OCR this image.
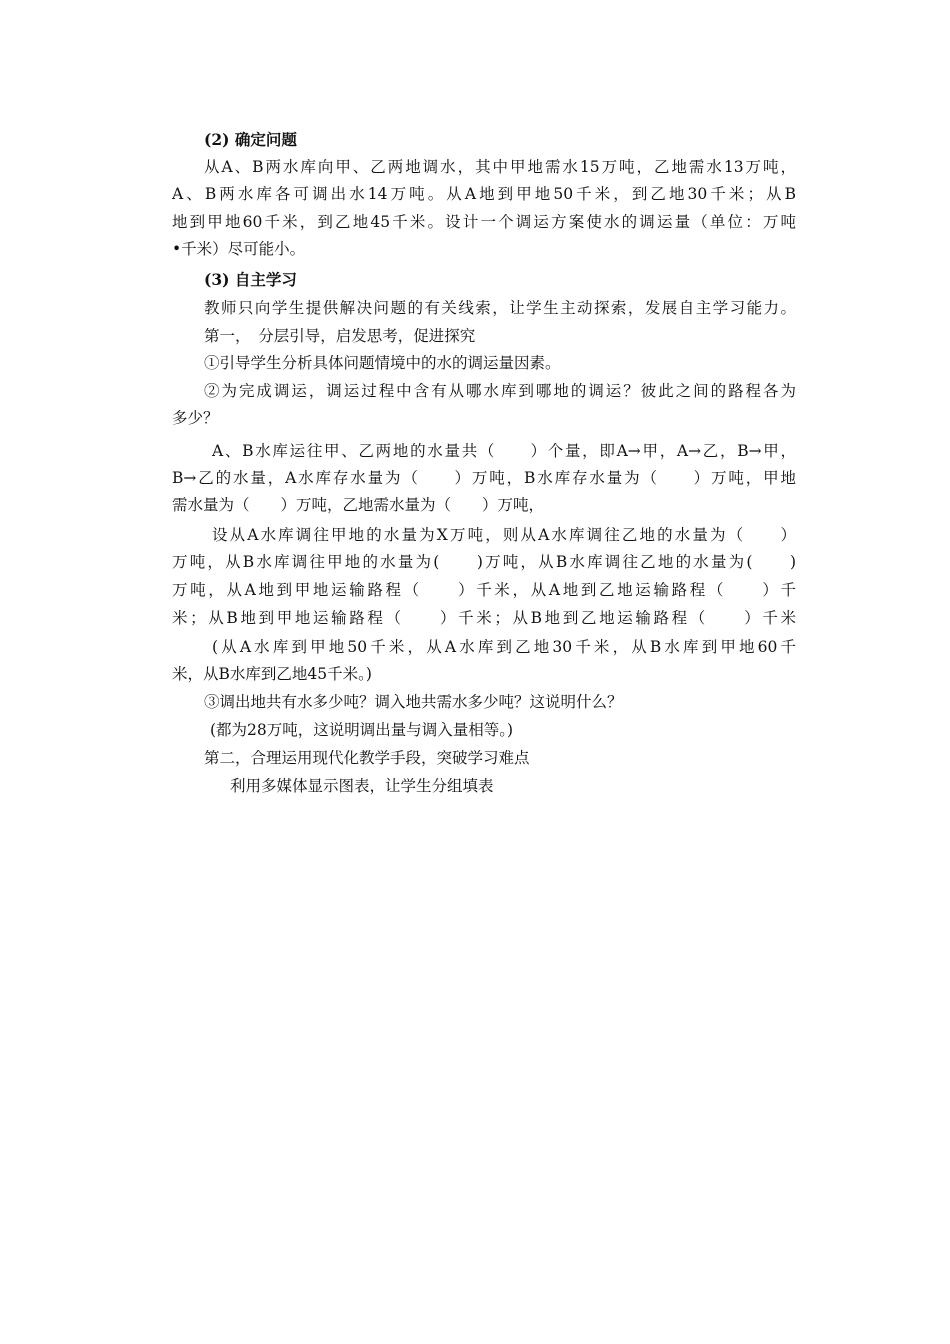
(2) 确定问题
从A、B两水库向甲、乙两地调水，其中甲地需水15万吨，乙地需水13万吨，
A、B两水库各可调出水14万吨。从A地到甲地50千米，到乙地30千米；从B
地到甲地60千米，到乙地45千米。设计一个调运方案使水的调运量（单位：万吨
•千米）尽可能小。
(3) 自主学习
教师只向学生提供解决问题的有关线索，让学生主动探索，发展自主学习能力。
第一，　分层引导，启发思考，促进探究
①引导学生分析具体问题情境中的水的调运量因素。
②为完成调运，调运过程中含有从哪水库到哪地的调运？彼此之间的路程各为
多少？
A、B水库运往甲、乙两地的水量共（　　）个量，即A→甲，A→乙，B→甲，
B→乙的水量，A水库存水量为（　　）万吨，B水库存水量为（　　）万吨，甲地
需水量为（　　）万吨，乙地需水量为（　　）万吨，
设从A水库调往甲地的水量为X万吨，则从A水库调往乙地的水量为（　　）
万吨，从B水库调往甲地的水量为(　　)万吨，从B水库调往乙地的水量为(　　)
万吨，从A地到甲地运输路程（　　）千米，从A地到乙地运输路程（　　）千
米；从B地到甲地运输路程（　　）千米；从B地到乙地运输路程（　　）千米
(从A水库到甲地50千米，从A水库到乙地30千米，从B水库到甲地60千
米，从B水库到乙地45千米。)
③调出地共有水多少吨？调入地共需水多少吨？这说明什么？
(都为28万吨，这说明调出量与调入量相等。)
第二，合理运用现代化教学手段，突破学习难点
利用多媒体显示图表，让学生分组填表
